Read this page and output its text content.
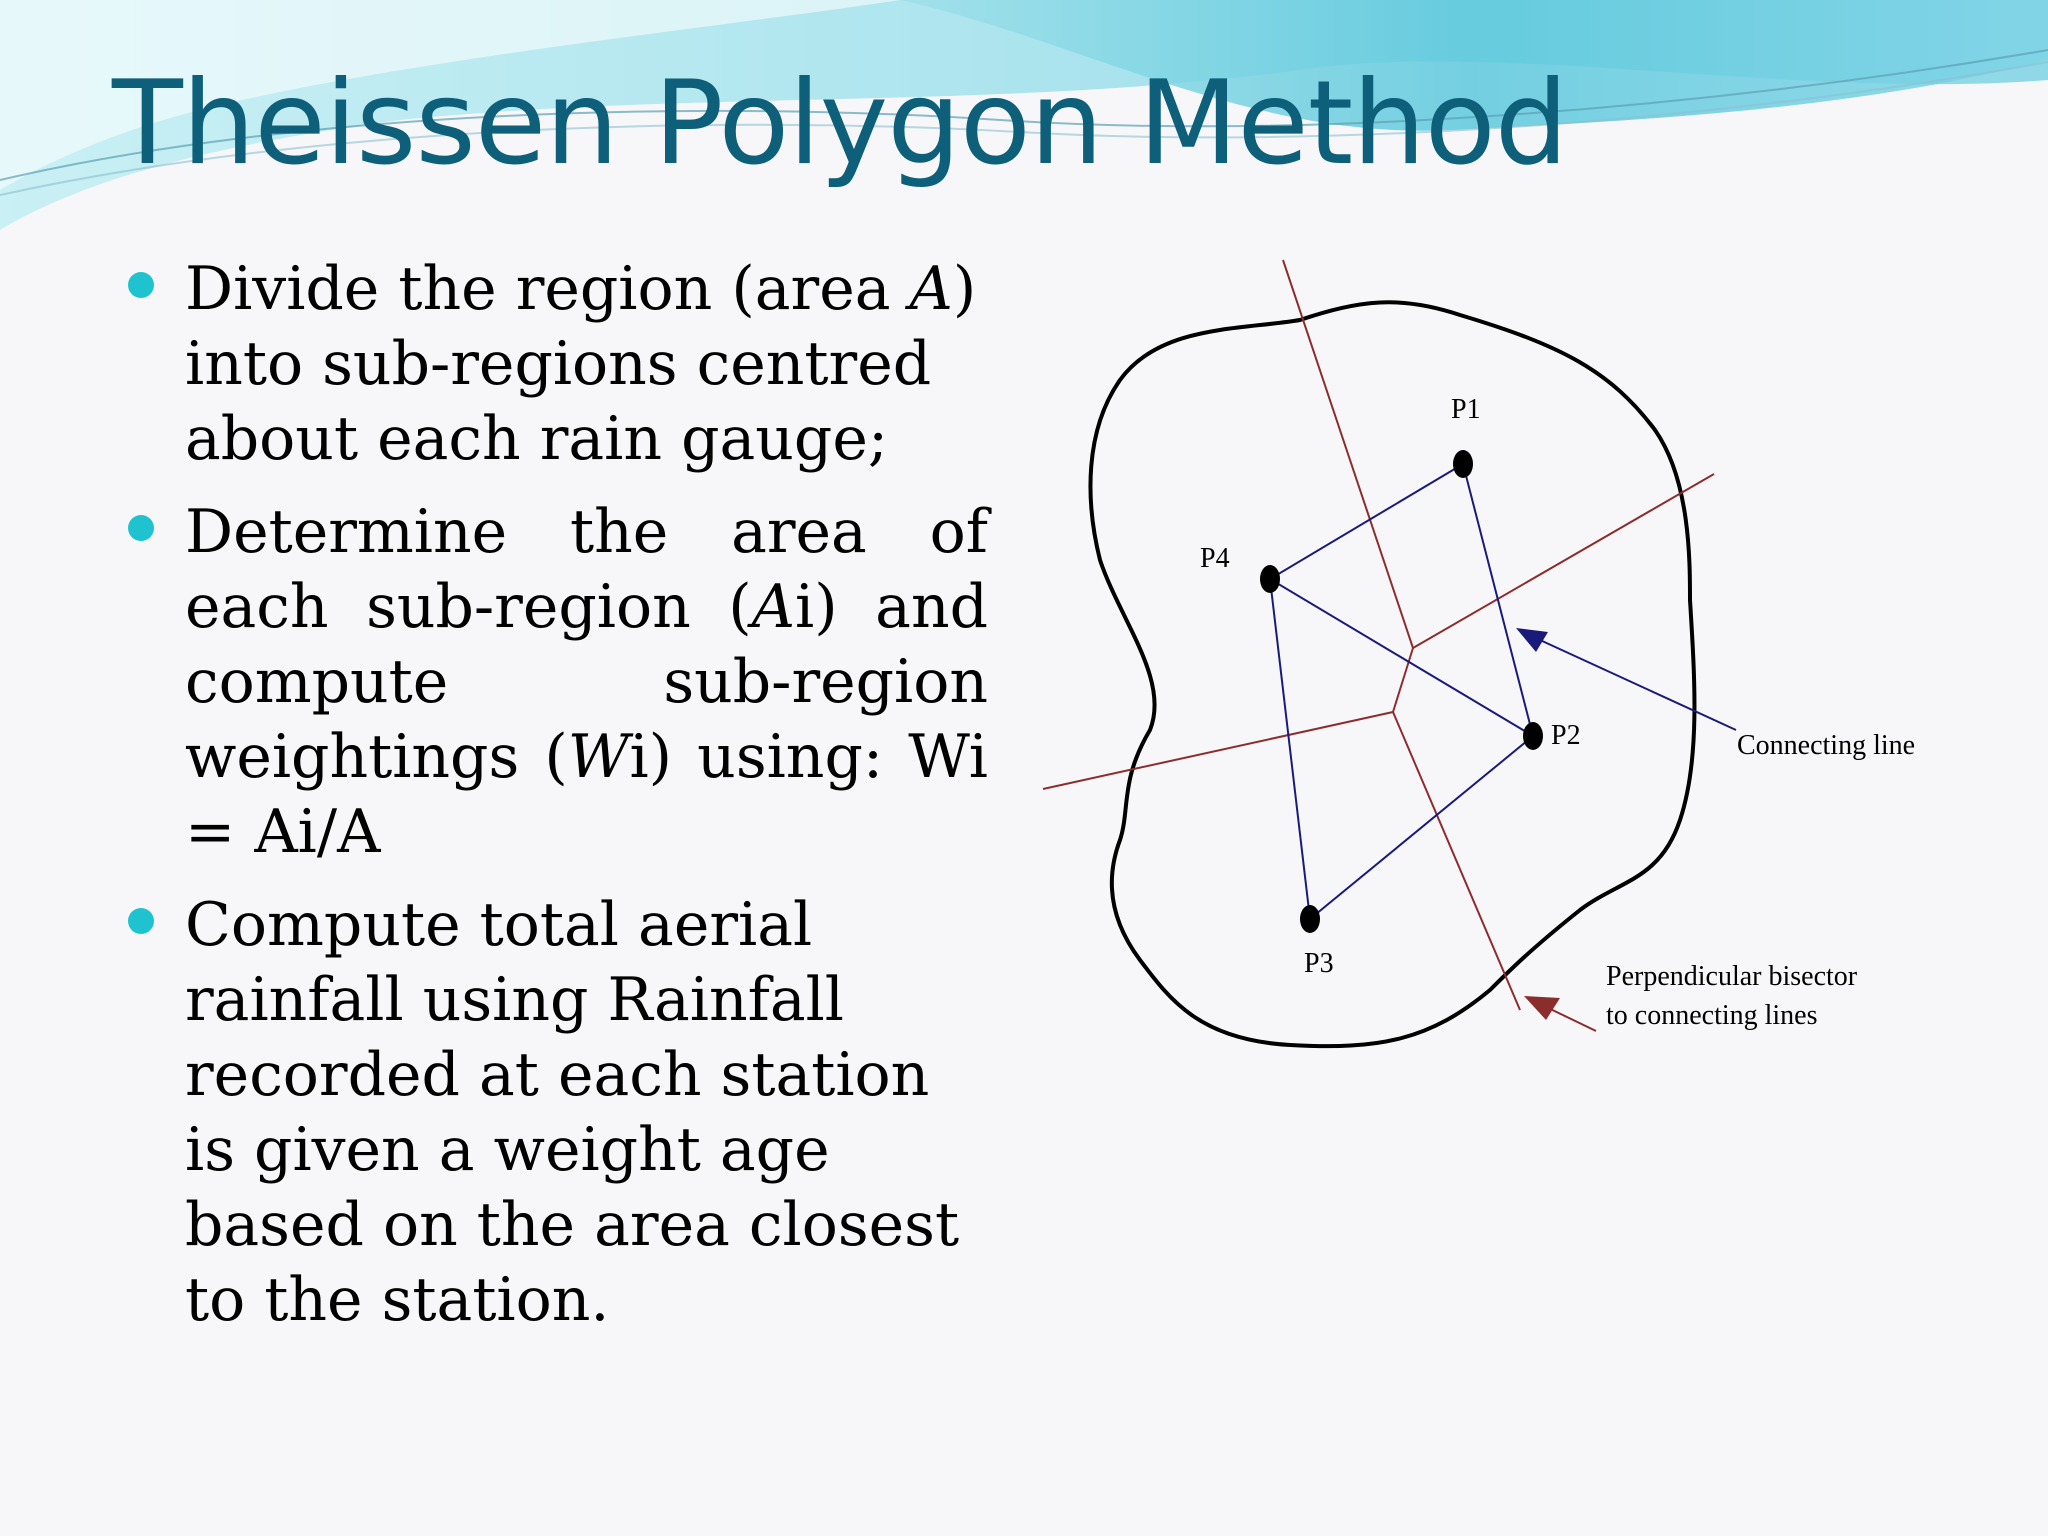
Theissen Polygon Method
Divide the region (area A) into sub-regions centred about each rain gauge;
Determine the area of each sub-region (Ai) and compute sub-region weightings (Wi) using: Wi = Ai/A
Compute total aerial rainfall using Rainfall recorded at each station is given a weight age based on the area closest to the station.
P1
P2
P3
P4
Connecting line
Perpendicular bisector
to connecting lines
